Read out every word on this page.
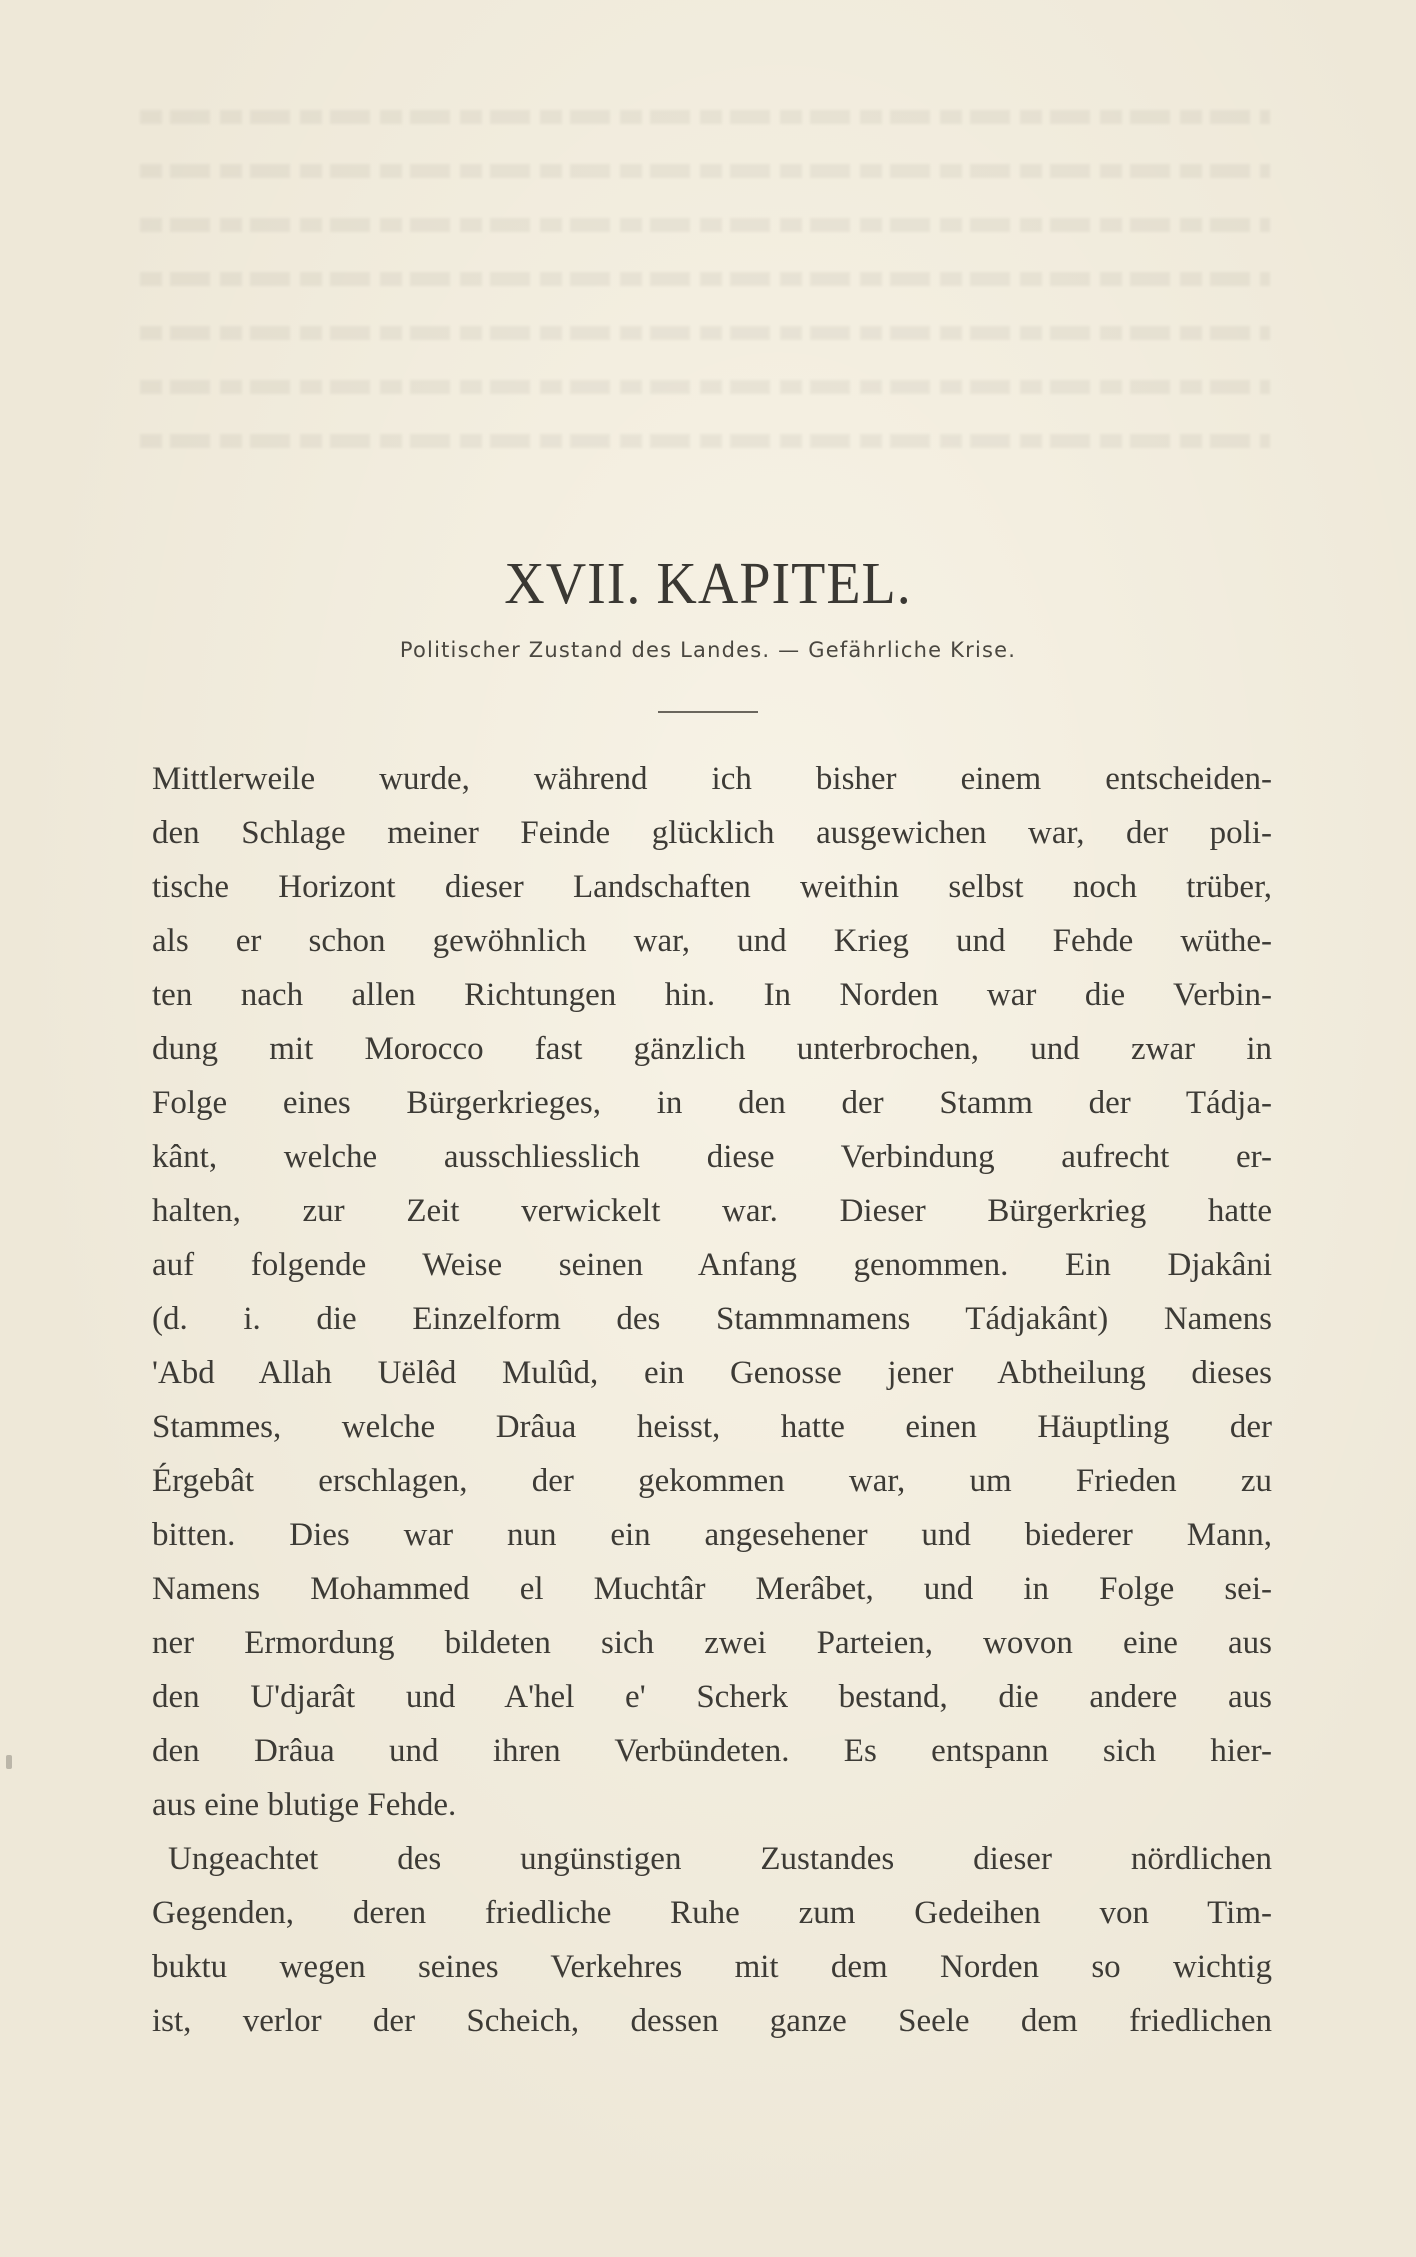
XVII. KAPITEL.
Politischer Zustand des Landes. — Gefährliche Krise.
Mittlerweile wurde, während ich bisher einem entscheiden-
den Schlage meiner Feinde glücklich ausgewichen war, der poli-
tische Horizont dieser Landschaften weithin selbst noch trüber,
als er schon gewöhnlich war, und Krieg und Fehde wüthe-
ten nach allen Richtungen hin. In Norden war die Verbin-
dung mit Morocco fast gänzlich unterbrochen, und zwar in
Folge eines Bürgerkrieges, in den der Stamm der Tádja-
kânt, welche ausschliesslich diese Verbindung aufrecht er-
halten, zur Zeit verwickelt war. Dieser Bürgerkrieg hatte
auf folgende Weise seinen Anfang genommen. Ein Djakâni
(d. i. die Einzelform des Stammnamens Tádjakânt) Namens
'Abd Allah Uëlêd Mulûd, ein Genosse jener Abtheilung dieses
Stammes, welche Drâua heisst, hatte einen Häuptling der
Érgebât erschlagen, der gekommen war, um Frieden zu
bitten. Dies war nun ein angesehener und biederer Mann,
Namens Mohammed el Muchtâr Merâbet, und in Folge sei-
ner Ermordung bildeten sich zwei Parteien, wovon eine aus
den U'djarât und A'hel e' Scherk bestand, die andere aus
den Drâua und ihren Verbündeten. Es entspann sich hier-
aus eine blutige Fehde.
Ungeachtet des ungünstigen Zustandes dieser nördlichen
Gegenden, deren friedliche Ruhe zum Gedeihen von Tim-
buktu wegen seines Verkehres mit dem Norden so wichtig
ist, verlor der Scheich, dessen ganze Seele dem friedlichen
